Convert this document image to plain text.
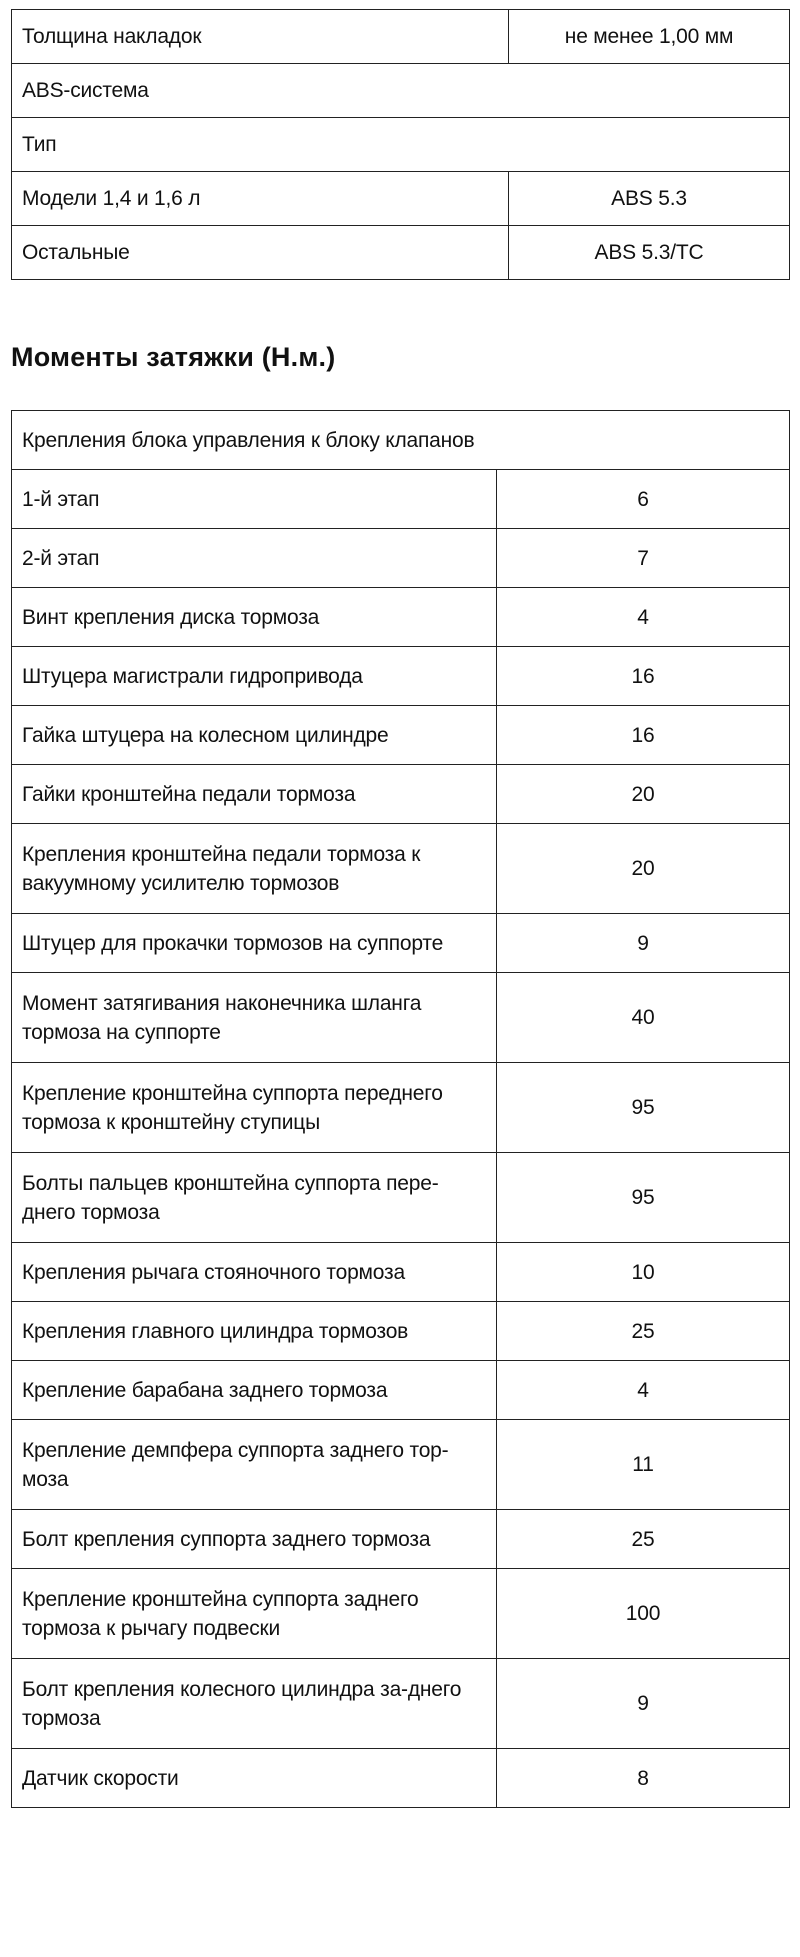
Толщина накладок	не менее 1,00 мм
ABS-система	
Тип	
Модели 1,4 и 1,6 л	ABS 5.3
Остальные	ABS 5.3/TC
Моменты затяжки (Н.м.)
Крепления блока управления к блоку клапанов	
1-й этап	6
2-й этап	7
Винт крепления диска тормоза	4
Штуцера магистрали гидропривода	16
Гайка штуцера на колесном цилиндре	16
Гайки кронштейна педали тормоза	20
Крепления кронштейна педали тормоза к вакуумному усилителю тормозов	20
Штуцер для прокачки тормозов на суппорте	9
Момент затягивания наконечника шланга тормоза на суппорте	40
Крепление кронштейна суппорта переднего тормоза к кронштейну ступицы	95
Болты пальцев кронштейна суппорта пере-днего тормоза	95
Крепления рычага стояночного тормоза	10
Крепления главного цилиндра тормозов	25
Крепление барабана заднего тормоза	4
Крепление демпфера суппорта заднего тор-моза	11
Болт крепления суппорта заднего тормоза	25
Крепление кронштейна суппорта заднего тормоза к рычагу подвески	100
Болт крепления колесного цилиндра за-днего тормоза	9
Датчик скорости	8
